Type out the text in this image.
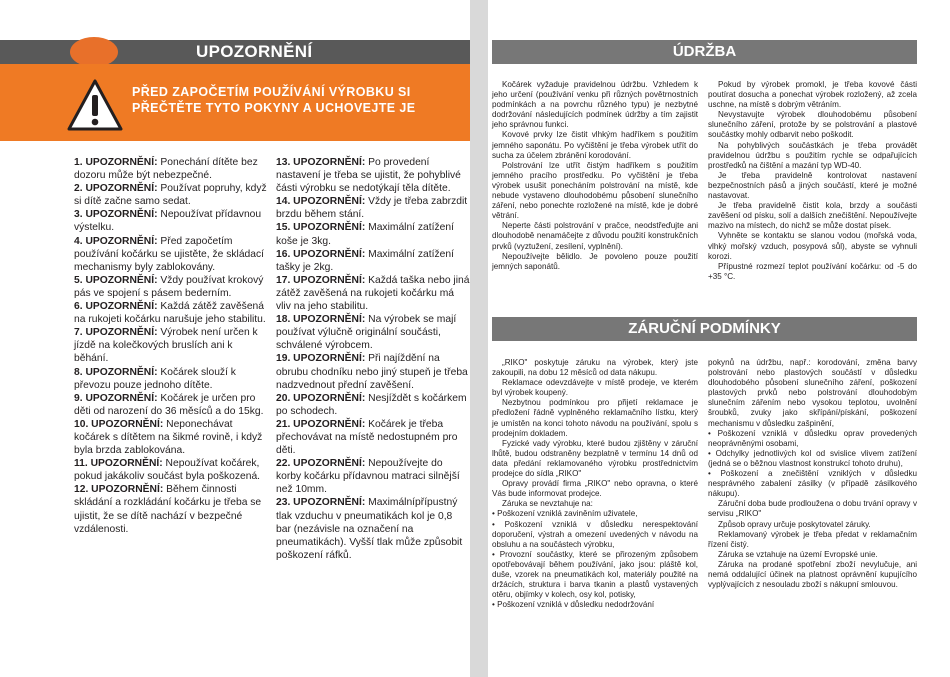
UPOZORNĚNÍ
PŘED ZAPOČETÍM POUŽÍVÁNÍ VÝROBKU SI
PŘEČTĚTE TYTO POKYNY A UCHOVEJTE JE

1. UPOZORNĚNÍ: Ponechání dítěte bez dozoru může být nebezpečné.

2. UPOZORNĚNÍ: Používat popruhy, když si dítě začne samo sedat.

3. UPOZORNĚNÍ: Nepoužívat přídavnou výstelku.

4. UPOZORNĚNÍ: Před započetím používání kočárku se ujistěte, že skládací mechanismy byly zablokovány.

5. UPOZORNĚNÍ: Vždy používat krokový pás ve spojení s pásem bederním.

6. UPOZORNĚNÍ: Každá zátěž zavěšená na rukojeti kočárku narušuje jeho stabilitu.

7. UPOZORNĚNÍ: Výrobek není určen k jízdě na kolečkových bruslích ani k běhání.

8. UPOZORNĚNÍ: Kočárek slouží k převozu pouze jednoho dítěte.

9. UPOZORNĚNÍ: Kočárek je určen pro děti od narození do 36 měsíců a do 15kg.

10. UPOZORNĚNÍ: Neponechávat kočárek s dítětem na šikmé rovině, i když byla brzda zablokována.

11. UPOZORNĚNÍ: Nepoužívat kočárek, pokud jakákoliv součást byla poškozená.

12. UPOZORNĚNÍ: Během činnosti skládání a rozkládání kočárku je třeba se ujistit, že se dítě nachází v bezpečné vzdálenosti.

13. UPOZORNĚNÍ: Po provedení nastavení je třeba se ujistit, že pohyblivé části výrobku se nedotýkají těla dítěte.

14. UPOZORNĚNÍ: Vždy je třeba zabrzdit brzdu během stání.

15. UPOZORNĚNÍ: Maximální zatížení koše je 3kg.

16. UPOZORNĚNÍ: Maximální zatížení tašky je 2kg.

17. UPOZORNĚNÍ: Každá taška nebo jiná zátěž zavěšená na rukojeti kočárku má vliv na jeho stabilitu.

18. UPOZORNĚNÍ: Na výrobek se mají používat výlučně originální součásti, schválené výrobcem.

19. UPOZORNĚNÍ: Při najíždění na obrubu chodníku nebo jiný stupeň je třeba nadzvednout přední zavěšení.

20. UPOZORNĚNÍ: Nesjíždět s kočárkem po schodech.

21. UPOZORNĚNÍ: Kočárek je třeba přechovávat na místě nedostupném pro děti.

22. UPOZORNĚNÍ: Nepoužívejte do korby kočárku přídavnou matraci silnější než 10mm.

23. UPOZORNĚNÍ: Maximálnípřípustný tlak vzduchu v pneumatikách kol je 0,8 bar (nezávisle na označení na pneumatikách). Vyšší tlak může způsobit poškození ráfků.

ÚDRŽBA

Kočárek vyžaduje pravidelnou údržbu. Vzhledem k jeho určení (používání venku při různých povětrnostních podmínkách a na povrchu různého typu) je nezbytné dodržování následujících podmínek údržby a tím zajistit jeho správnou funkci.

Kovové prvky lze čistit vlhkým hadříkem s použitím jemného saponátu. Po vyčištění je třeba výrobek utřít do sucha za účelem zbránění korodování.

Polstrování lze utřít čistým hadříkem s použitím jemného pracího prostředku. Po vyčištění je třeba výrobek usušit ponecháním polstrování na místě, kde nebude vystaveno dlouhodobému působení slunečního záření, nebo ponechte rozložené na místě, kde je dobré větrání.

Neperte části polstrování v pračce, neodstřeďujte ani dlouhodobě nenamáčejte z důvodu použití konstrukčních prvků (vyztužení, zesílení, vyplnění).

Nepoužívejte bělidlo. Je povoleno pouze použití jemných saponátů.

Pokud by výrobek promokl, je třeba kovové části poutírat dosucha a ponechat výrobek rozložený, až zcela uschne, na místě s dobrým větráním.

Nevystavujte výrobek dlouhodobému působení slunečního záření, protože by se polstrování a plastové součástky mohly odbarvit nebo poškodit.

Na pohyblivých součástkách je třeba provádět pravidelnou údržbu s použitím rychle se odpařujících prostředků na čištění a mazání typ WD-40.

Je třeba pravidelně kontrolovat nastavení bezpečnostních pásů a jiných součástí, které je možné nastavovat.

Je třeba pravidelně čistit kola, brzdy a součásti zavěšení od písku, solí a dalších znečištění. Nepoužívejte mazivo na místech, do nichž se může dostat písek.

Vyhněte se kontaktu se slanou vodou (mořská voda, vlhký mořský vzduch, posypová sůl), abyste se vyhnuli korozi.

Přípustné rozmezí teplot používání kočárku: od -5 do +35 °C.

ZÁRUČNÍ PODMÍNKY

„RIKO" poskytuje záruku na výrobek, který jste zakoupili, na dobu 12 měsíců od data nákupu.

Reklamace odevzdávejte v místě prodeje, ve kterém byl výrobek koupený.

Nezbytnou podmínkou pro přijetí reklamace je předložení řádně vyplněného reklamačního lístku, který je umístěn na konci tohoto návodu na používání, spolu s prodejním dokladem.

Fyzické vady výrobku, které budou zjištěny v záruční lhůtě, budou odstraněny bezplatně v termínu 14 dnů od data předání reklamovaného výrobku prostřednictvím prodejce do sídla „RIKO"

Opravy provádí firma „RIKO" nebo opravna, o které Vás bude informovat prodejce.

Záruka se nevztahuje na:

• Poškození vzniklá zaviněním uživatele,

• Poškození vzniklá v důsledku nerespektování doporučení, výstrah a omezení uvedených v návodu na obsluhu a na součástech výrobku,

• Provozní součástky, které se přirozeným způsobem opotřebovávají během používání, jako jsou: pláště kol, duše, vzorek na pneumatikách kol, materiály použité na držácích, struktura i barva tkanin a plastů vystavených otěru, objímky v kolech, osy kol, potisky,

• Poškození vzniklá v důsledku nedodržování

pokynů na údržbu, např.: korodování, změna barvy polstrování nebo plastových součástí v důsledku dlouhodobého působení slunečního záření, poškození plastových prvků nebo polstrování dlouhodobým slunečním zářením nebo vysokou teplotou, uvolnění šroubků, zvuky jako skřípání/pískání, poškození mechanismu v důsledku zašpinění,

• Poškození vzniklá v důsledku oprav provedených neoprávněnými osobami,

• Odchylky jednotlivých kol od svislice vlivem zatížení (jedná se o běžnou vlastnost konstrukcí tohoto druhu),

• Poškození a znečištění vzniklých v důsledku nesprávného zabalení zásilky (v případě zásilkového nákupu).

Záruční doba bude prodloužena o dobu trvání opravy v servisu „RIKO"

Způsob opravy určuje poskytovatel záruky.

Reklamovaný výrobek je třeba předat v reklamačním řízení čistý.

Záruka se vztahuje na území Evropské unie.

Záruka na prodané spotřební zboží nevylučuje, ani nemá oddalující účinek na platnost oprávnění kupujícího vyplývajících z nesouladu zboží s nákupní smlouvou.
